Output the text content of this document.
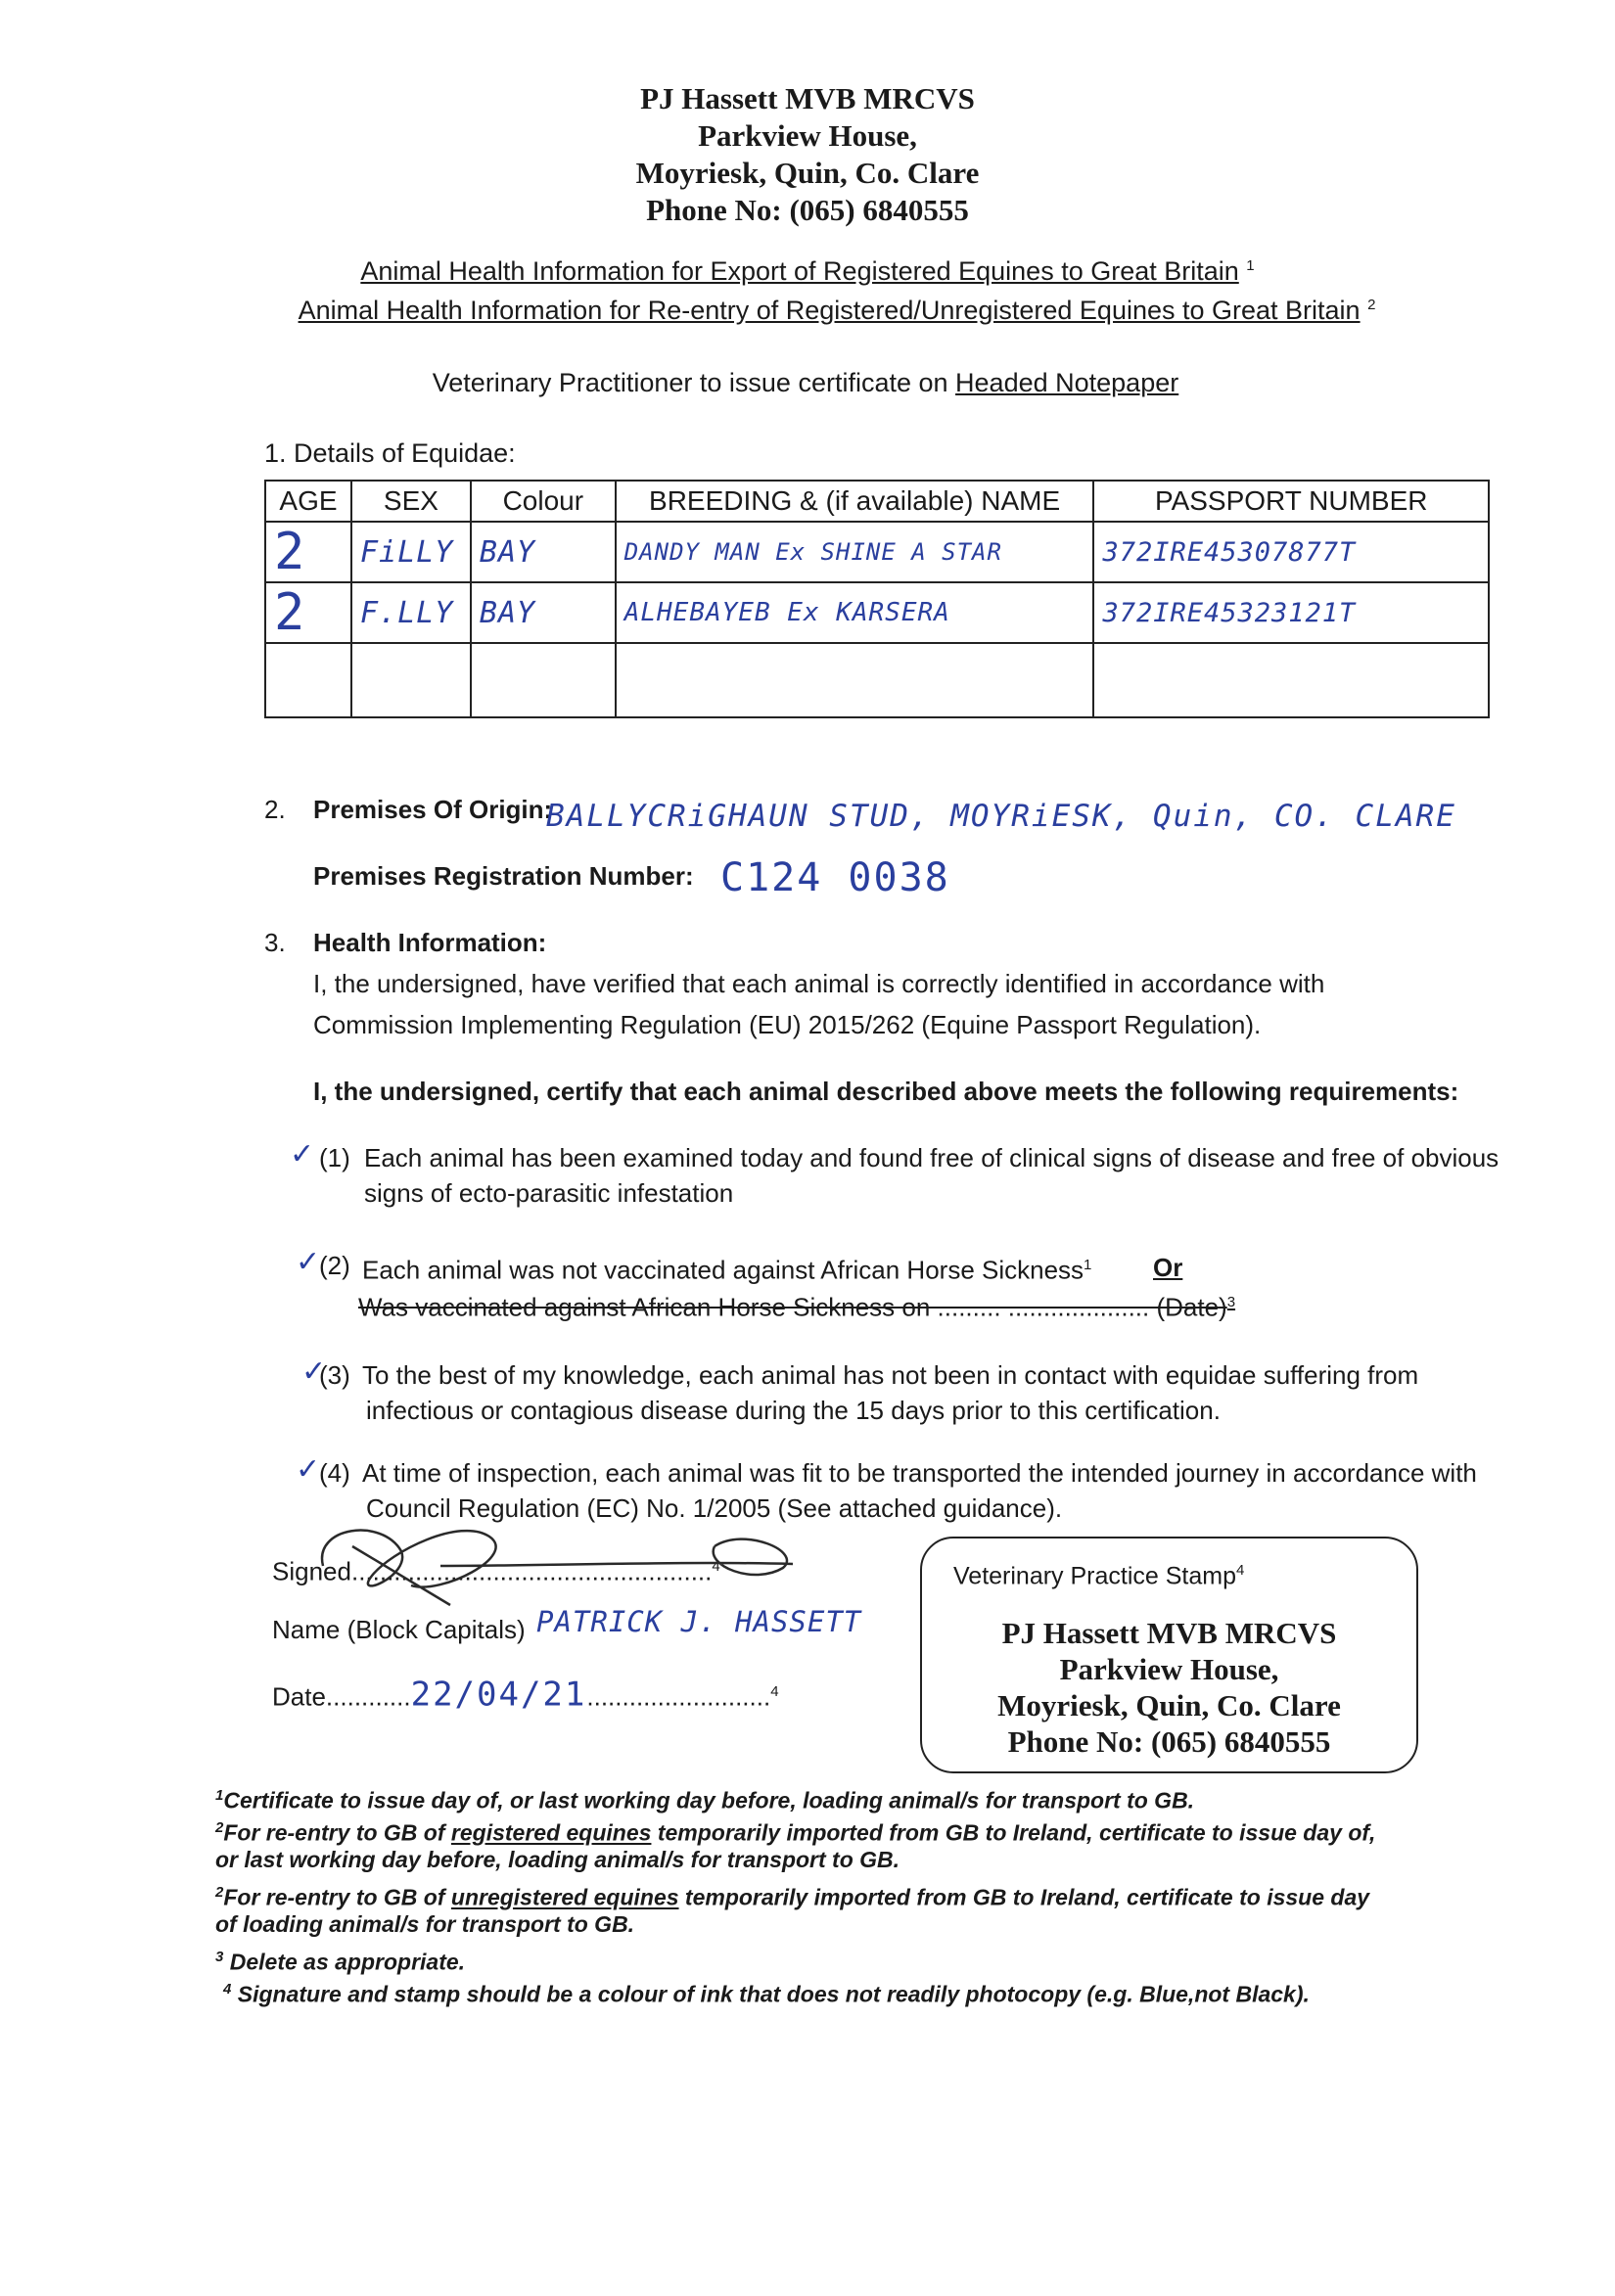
PJ Hassett MVB MRCVS
Parkview House,
Moyriesk, Quin, Co. Clare
Phone No: (065) 6840555
Animal Health Information for Export of Registered Equines to Great Britain $^1$
Animal Health Information for Re-entry of Registered/Unregistered Equines to Great Britain $^2$
Veterinary Practitioner to issue certificate on Headed Notepaper
1. Details of Equidae:
AGE	SEX	Colour	BREEDING & (if available) NAME	PASSPORT NUMBER
2	FiLLY	BAY	DANDY MAN Ex SHINE A STAR	372IRE45307877T
2	F.LLY	BAY	ALHEBAYEB Ex KARSERA	372IRE45323121T

2. Premises Of Origin:
BALLYCRiGHAUN STUD, MOYRiESK, Quin, CO. CLARE
Premises Registration Number: C124 0038
3. Health Information:
I, the undersigned, have verified that each animal is correctly identified in accordance with
Commission Implementing Regulation (EU) 2015/262 (Equine Passport Regulation).
I, the undersigned, certify that each animal described above meets the following requirements:
✓ (1) Each animal has been examined today and found free of clinical signs of disease and free of obvious
signs of ecto-parasitic infestation
✓
(2) Each animal was not vaccinated against African Horse Sickness$^1$ Or
Was vaccinated against African Horse Sickness on ......... .................... (Date)$^3$
✓
(3) To the best of my knowledge, each animal has not been in contact with equidae suffering from
infectious or contagious disease during the 15 days prior to this certification.
✓
(4) At time of inspection, each animal was fit to be transported the intended journey in accordance with
Council Regulation (EC) No. 1/2005 (See attached guidance).
Signed...................................................$^4$
Name (Block Capitals) PATRICK J. HASSETT
Date............22/04/21..........................$^4$
Veterinary Practice Stamp$^4$
PJ Hassett MVB MRCVS
Parkview House,
Moyriesk, Quin, Co. Clare
Phone No: (065) 6840555
$^1$Certificate to issue day of, or last working day before, loading animal/s for transport to GB.
$^2$For re-entry to GB of registered equines temporarily imported from GB to Ireland, certificate to issue day of,
or last working day before, loading animal/s for transport to GB.
$^2$For re-entry to GB of unregistered equines temporarily imported from GB to Ireland, certificate to issue day
of loading animal/s for transport to GB.
$^3$ Delete as appropriate.
$^4$ Signature and stamp should be a colour of ink that does not readily photocopy (e.g. Blue,not Black).
